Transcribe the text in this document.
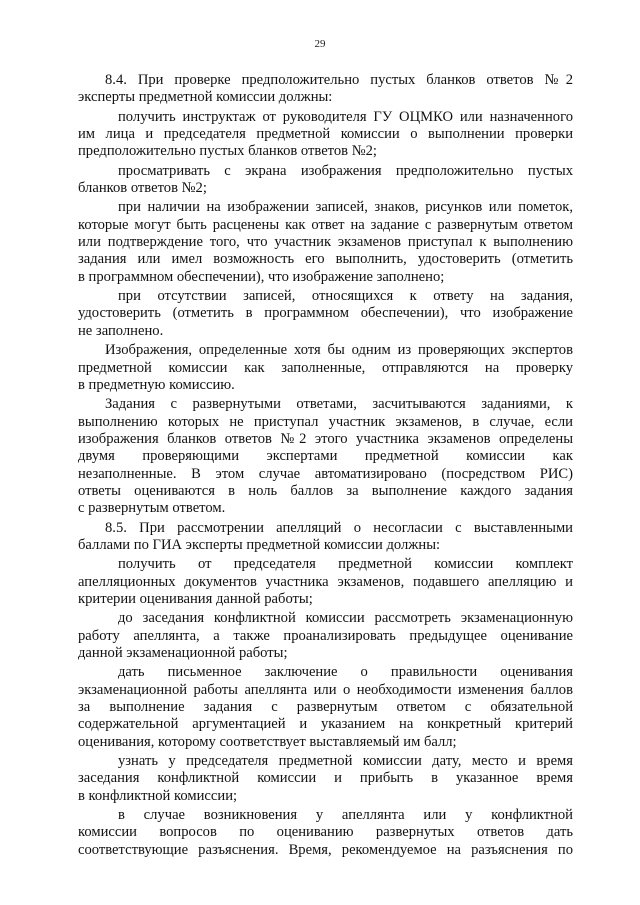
29
8.4. При проверке предположительно пустых бланков ответов №2
эксперты предметной комиссии должны:
получить инструктаж от руководителя ГУ ОЦМКО или назначенного
им лица и председателя предметной комиссии о выполнении проверки
предположительно пустых бланков ответов №2;
просматривать с экрана изображения предположительно пустых
бланков ответов №2;
при наличии на изображении записей, знаков, рисунков или пометок,
которые могут быть расценены как ответ на задание с развернутым ответом
или подтверждение того, что участник экзаменов приступал к выполнению
задания или имел возможность его выполнить, удостоверить (отметить
в программном обеспечении), что изображение заполнено;
при отсутствии записей, относящихся к ответу на задания,
удостоверить (отметить в программном обеспечении), что изображение
не заполнено.
Изображения, определенные хотя бы одним из проверяющих экспертов
предметной комиссии как заполненные, отправляются на проверку
в предметную комиссию.
Задания с развернутыми ответами, засчитываются заданиями, к
выполнению которых не приступал участник экзаменов, в случае, если
изображения бланков ответов №2 этого участника экзаменов определены
двумя проверяющими экспертами предметной комиссии как
незаполненные. В этом случае автоматизировано (посредством РИС)
ответы оцениваются в ноль баллов за выполнение каждого задания
с развернутым ответом.
8.5. При рассмотрении апелляций о несогласии с выставленными
баллами по ГИА эксперты предметной комиссии должны:
получить от председателя предметной комиссии комплект
апелляционных документов участника экзаменов, подавшего апелляцию и
критерии оценивания данной работы;
до заседания конфликтной комиссии рассмотреть экзаменационную
работу апеллянта, а также проанализировать предыдущее оценивание
данной экзаменационной работы;
дать письменное заключение о правильности оценивания
экзаменационной работы апеллянта или о необходимости изменения баллов
за выполнение задания с развернутым ответом с обязательной
содержательной аргументацией и указанием на конкретный критерий
оценивания, которому соответствует выставляемый им балл;
узнать у председателя предметной комиссии дату, место и время
заседания конфликтной комиссии и прибыть в указанное время
в конфликтной комиссии;
в случае возникновения у апеллянта или у конфликтной
комиссии вопросов по оцениванию развернутых ответов дать
соответствующие разъяснения. Время, рекомендуемое на разъяснения по
